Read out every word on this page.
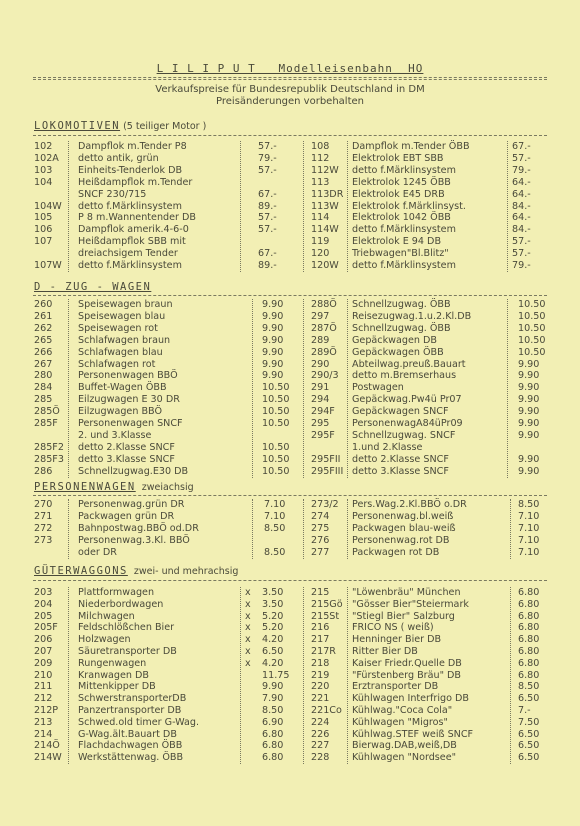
L I L I P U T   Modelleisenbahn  HO
Verkaufspreise für Bundesrepublik Deutschland in DM
Preisänderungen vorbehalten
LOKOMOTIVEN (5 teiliger Motor )
102	Dampflok m.Tender P8	57.-	108 Dampflok m.Tender ÖBB	67.-
102A detto antik, grün	79.-	112 Elektrolok EBT SBB	57.-
103	Einheits-Tenderlok DB	57.-	112W detto f.Märklinsystem	79.-
104	Heißdampflok m.Tender	113 Elektrolok 1245 ÖBB	64.-
SNCF 230/715	67.-	113DR Elektrolok E45 DRB	64.-
104W detto f.Märklinsystem	89.-	113W Elektrolok f.Märklinsyst.	84.-
105	P 8 m.Wannentender DB	57.-	114 Elektrolok 1042 ÖBB	64.-
106	Dampflok amerik.4-6-0	57.-	114W detto f.Märklinsystem	84.-
107	Heißdampflok SBB mit	119 Elektrolok E 94 DB	57.-
dreiachsigem Tender	67.-	120 Triebwagen"Bl.Blitz"	57.-
107W detto f.Märklinsystem	89.-	120W detto f.Märklinsystem	79.-
D - ZUG - WAGEN
260	Speisewagen braun	9.90	288Ö Schnellzugwag. ÖBB	10.50
261	Speisewagen blau	9.90	297 Reisezugwag.1.u.2.Kl.DB	10.50
262	Speisewagen rot	9.90	287Ö Schnellzugwag. ÖBB	10.50
265	Schlafwagen braun	9.90	289 Gepäckwagen DB	10.50
266	Schlafwagen blau	9.90	289Ö Gepäckwagen ÖBB	10.50
267	Schlafwagen rot	9.90	290 Abteilwag.preuß.Bauart	9.90
280	Personenwagen BBÖ	9.90	290/3 detto m.Bremserhaus	9.90
284	Buffet-Wagen ÖBB	10.50 291 Postwagen	9.90
285	Eilzugwagen E 30 DR	10.50 294 Gepäckwag.Pw4ü Pr07	9.90
285Ö Eilzugwagen BBÖ	10.50 294F Gepäckwagen SNCF	9.90
285F Personenwagen SNCF	10.50 295 PersonenwagA84üPr09	9.90
2. und 3.Klasse	295F Schnellzugwag. SNCF	9.90
285F2 detto 2.Klasse SNCF	10.50	1.und 2.Klasse
285F3 detto 3.Klasse SNCF	10.50 295FII detto 2.Klasse SNCF	9.90
286	Schnellzugwag.E30 DB	10.50 295FIII detto 3.Klasse SNCF	9.90
PERSONENWAGEN  zweiachsig
270	Personenwag.grün DR	7.10	273/2 Pers.Wag.2.Kl.BBÖ o.DR	8.50
271	Packwagen grün DR	7.10	274 Personenwag.bl.weiß	7.10
272	Bahnpostwag.BBÖ od.DR	8.50	275 Packwagen blau-weiß	7.10
273	Personenwag.3.Kl. BBÖ	276 Personenwag.rot DB	7.10
oder DR	8.50	277 Packwagen rot DB	7.10
GÜTERWAGGONS  zwei- und mehrachsig
203	Plattformwagen	x 3.50	215 "Löwenbräu" München	6.80
204	Niederbordwagen	x 3.50	215Gö "Gösser Bier"Steiermark	6.80
205	Milchwagen	x 5.20	215St "Stiegl Bier" Salzburg	6.80
205F Feldschlößchen Bier	x 5.20	216 FRICO NS ( weiß)	6.80
206	Holzwagen	x 4.20	217 Henninger Bier DB	6.80
207	Säuretransporter DB	x 6.50	217R Ritter Bier DB	6.80
209	Rungenwagen	x 4.20	218 Kaiser Friedr.Quelle DB	6.80
210	Kranwagen DB	11.75 219 "Fürstenberg Bräu" DB	6.80
211	Mittenkipper DB	9.90	220 Erztransporter DB	8.50
212	SchwerstransporterDB	7.90	221 Kühlwagen Interfrigo DB	6.50
212P Panzertransporter DB	8.50	221Co Kühlwag."Coca Cola"	7.-
213	Schwed.old timer G-Wag.	6.90	224 Kühlwagen "Migros"	7.50
214	G-Wag.ält.Bauart DB	6.80	226 Kühlwag.STEF weiß SNCF	6.50
214Ö Flachdachwagen ÖBB	6.80	227 Bierwag.DAB,weiß,DB	6.50
214W Werkstättenwag. ÖBB	6.80	228 Kühlwagen "Nordsee"	6.50
